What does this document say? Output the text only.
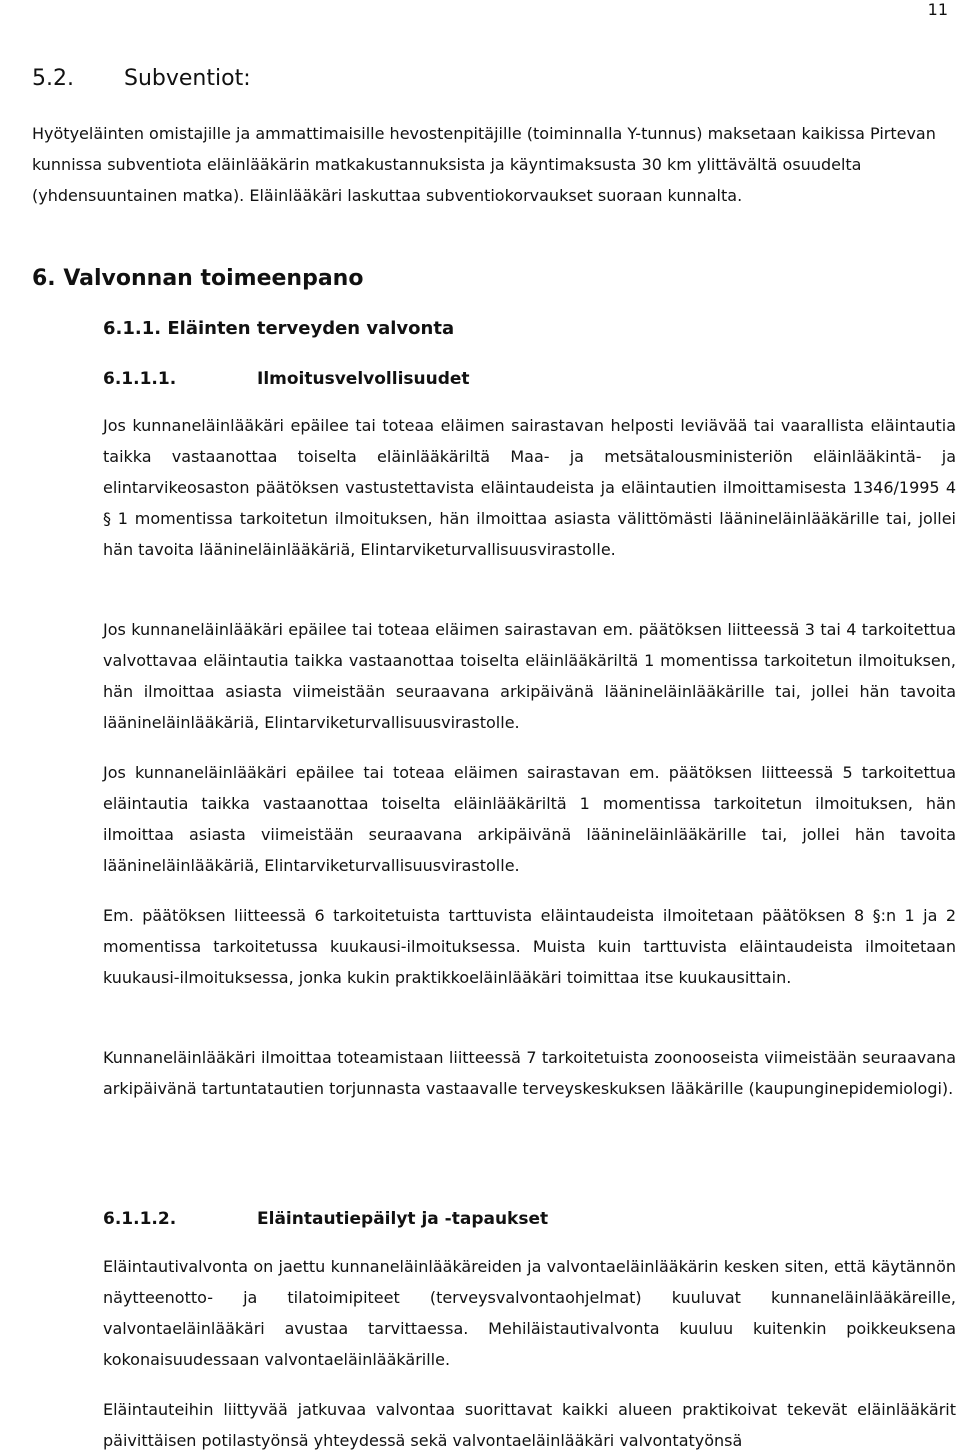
11
5.2. Subventiot:

Hyötyeläinten omistajille ja ammattimaisille hevostenpitäjille (toiminnalla Y-tunnus) maksetaan kaikissa Pirtevan kunnissa subventiota eläinlääkärin matkakustannuksista ja käyntimaksusta 30 km ylittävältä osuudelta (yhdensuuntainen matka). Eläinlääkäri laskuttaa subventiokorvaukset suoraan kunnalta.

6. Valvonnan toimeenpano
6.1.1. Eläinten terveyden valvonta
6.1.1.1.	Ilmoitusvelvollisuudet

Jos kunnaneläinlääkäri epäilee tai toteaa eläimen sairastavan helposti leviävää tai vaarallista eläintautia taikka vastaanottaa toiselta eläinlääkäriltä Maa- ja metsätalousministeriön eläinlääkintä- ja elintarvikeosaston päätöksen vastustettavista eläintaudeista ja eläintautien ilmoittamisesta 1346/1995 4 § 1 momentissa tarkoitetun ilmoituksen, hän ilmoittaa asiasta välittömästi lääninеläinlääkärille tai, jollei hän tavoita lääninеläinlääkäriä, Elintarviketurvallisuusvirastolle.

Jos kunnaneläinlääkäri epäilee tai toteaa eläimen sairastavan em. päätöksen liitteessä 3 tai 4 tarkoitettua valvottavaa eläintautia taikka vastaanottaa toiselta eläinlääkäriltä 1 momentissa tarkoitetun ilmoituksen, hän ilmoittaa asiasta viimeistään seuraavana arkipäivänä lääninеläinlääkärille tai, jollei hän tavoita lääninеläinlääkäriä, Elintarviketurvallisuusvirastolle.

Jos kunnaneläinlääkäri epäilee tai toteaa eläimen sairastavan em. päätöksen liitteessä 5 tarkoitettua eläintautia taikka vastaanottaa toiselta eläinlääkäriltä 1 momentissa tarkoitetun ilmoituksen, hän ilmoittaa asiasta viimeistään seuraavana arkipäivänä lääninеläinlääkärille tai, jollei hän tavoita lääninеläinlääkäriä, Elintarviketurvallisuusvirastolle.

Em. päätöksen liitteessä 6 tarkoitetuista tarttuvista eläintaudeista ilmoitetaan päätöksen 8 §:n 1 ja 2 momentissa tarkoitetussa kuukausi-ilmoituksessa. Muista kuin tarttuvista eläintaudeista ilmoitetaan kuukausi-ilmoituksessa, jonka kukin praktikkoeläinlääkäri toimittaa itse kuukausittain.

Kunnaneläinlääkäri ilmoittaa toteamistaan liitteessä 7 tarkoitetuista zoonooseista viimeistään seuraavana arkipäivänä tartuntatautien torjunnasta vastaavalle terveyskeskuksen lääkärille (kaupunginepidemiologi).

6.1.1.2.	Eläintautiepäilyt ja -tapaukset

Eläintautivalvonta on jaettu kunnaneläinlääkäreiden ja valvontaeläinlääkärin kesken siten, että käytännön näytteenotto- ja tilatoimipiteet (terveysvalvontaohjelmat) kuuluvat kunnaneläinlääkäreille, valvontaeläinlääkäri avustaa tarvittaessa. Mehiläistautivalvonta kuuluu kuitenkin poikkeuksena kokonaisuudessaan valvontaeläinlääkärille.

Eläintauteihin liittyvää jatkuvaa valvontaa suorittavat kaikki alueen praktikoivat tekevät eläinlääkärit päivittäisen potilastyönsä yhteydessä sekä valvontaeläinlääkäri valvontatyönsä
